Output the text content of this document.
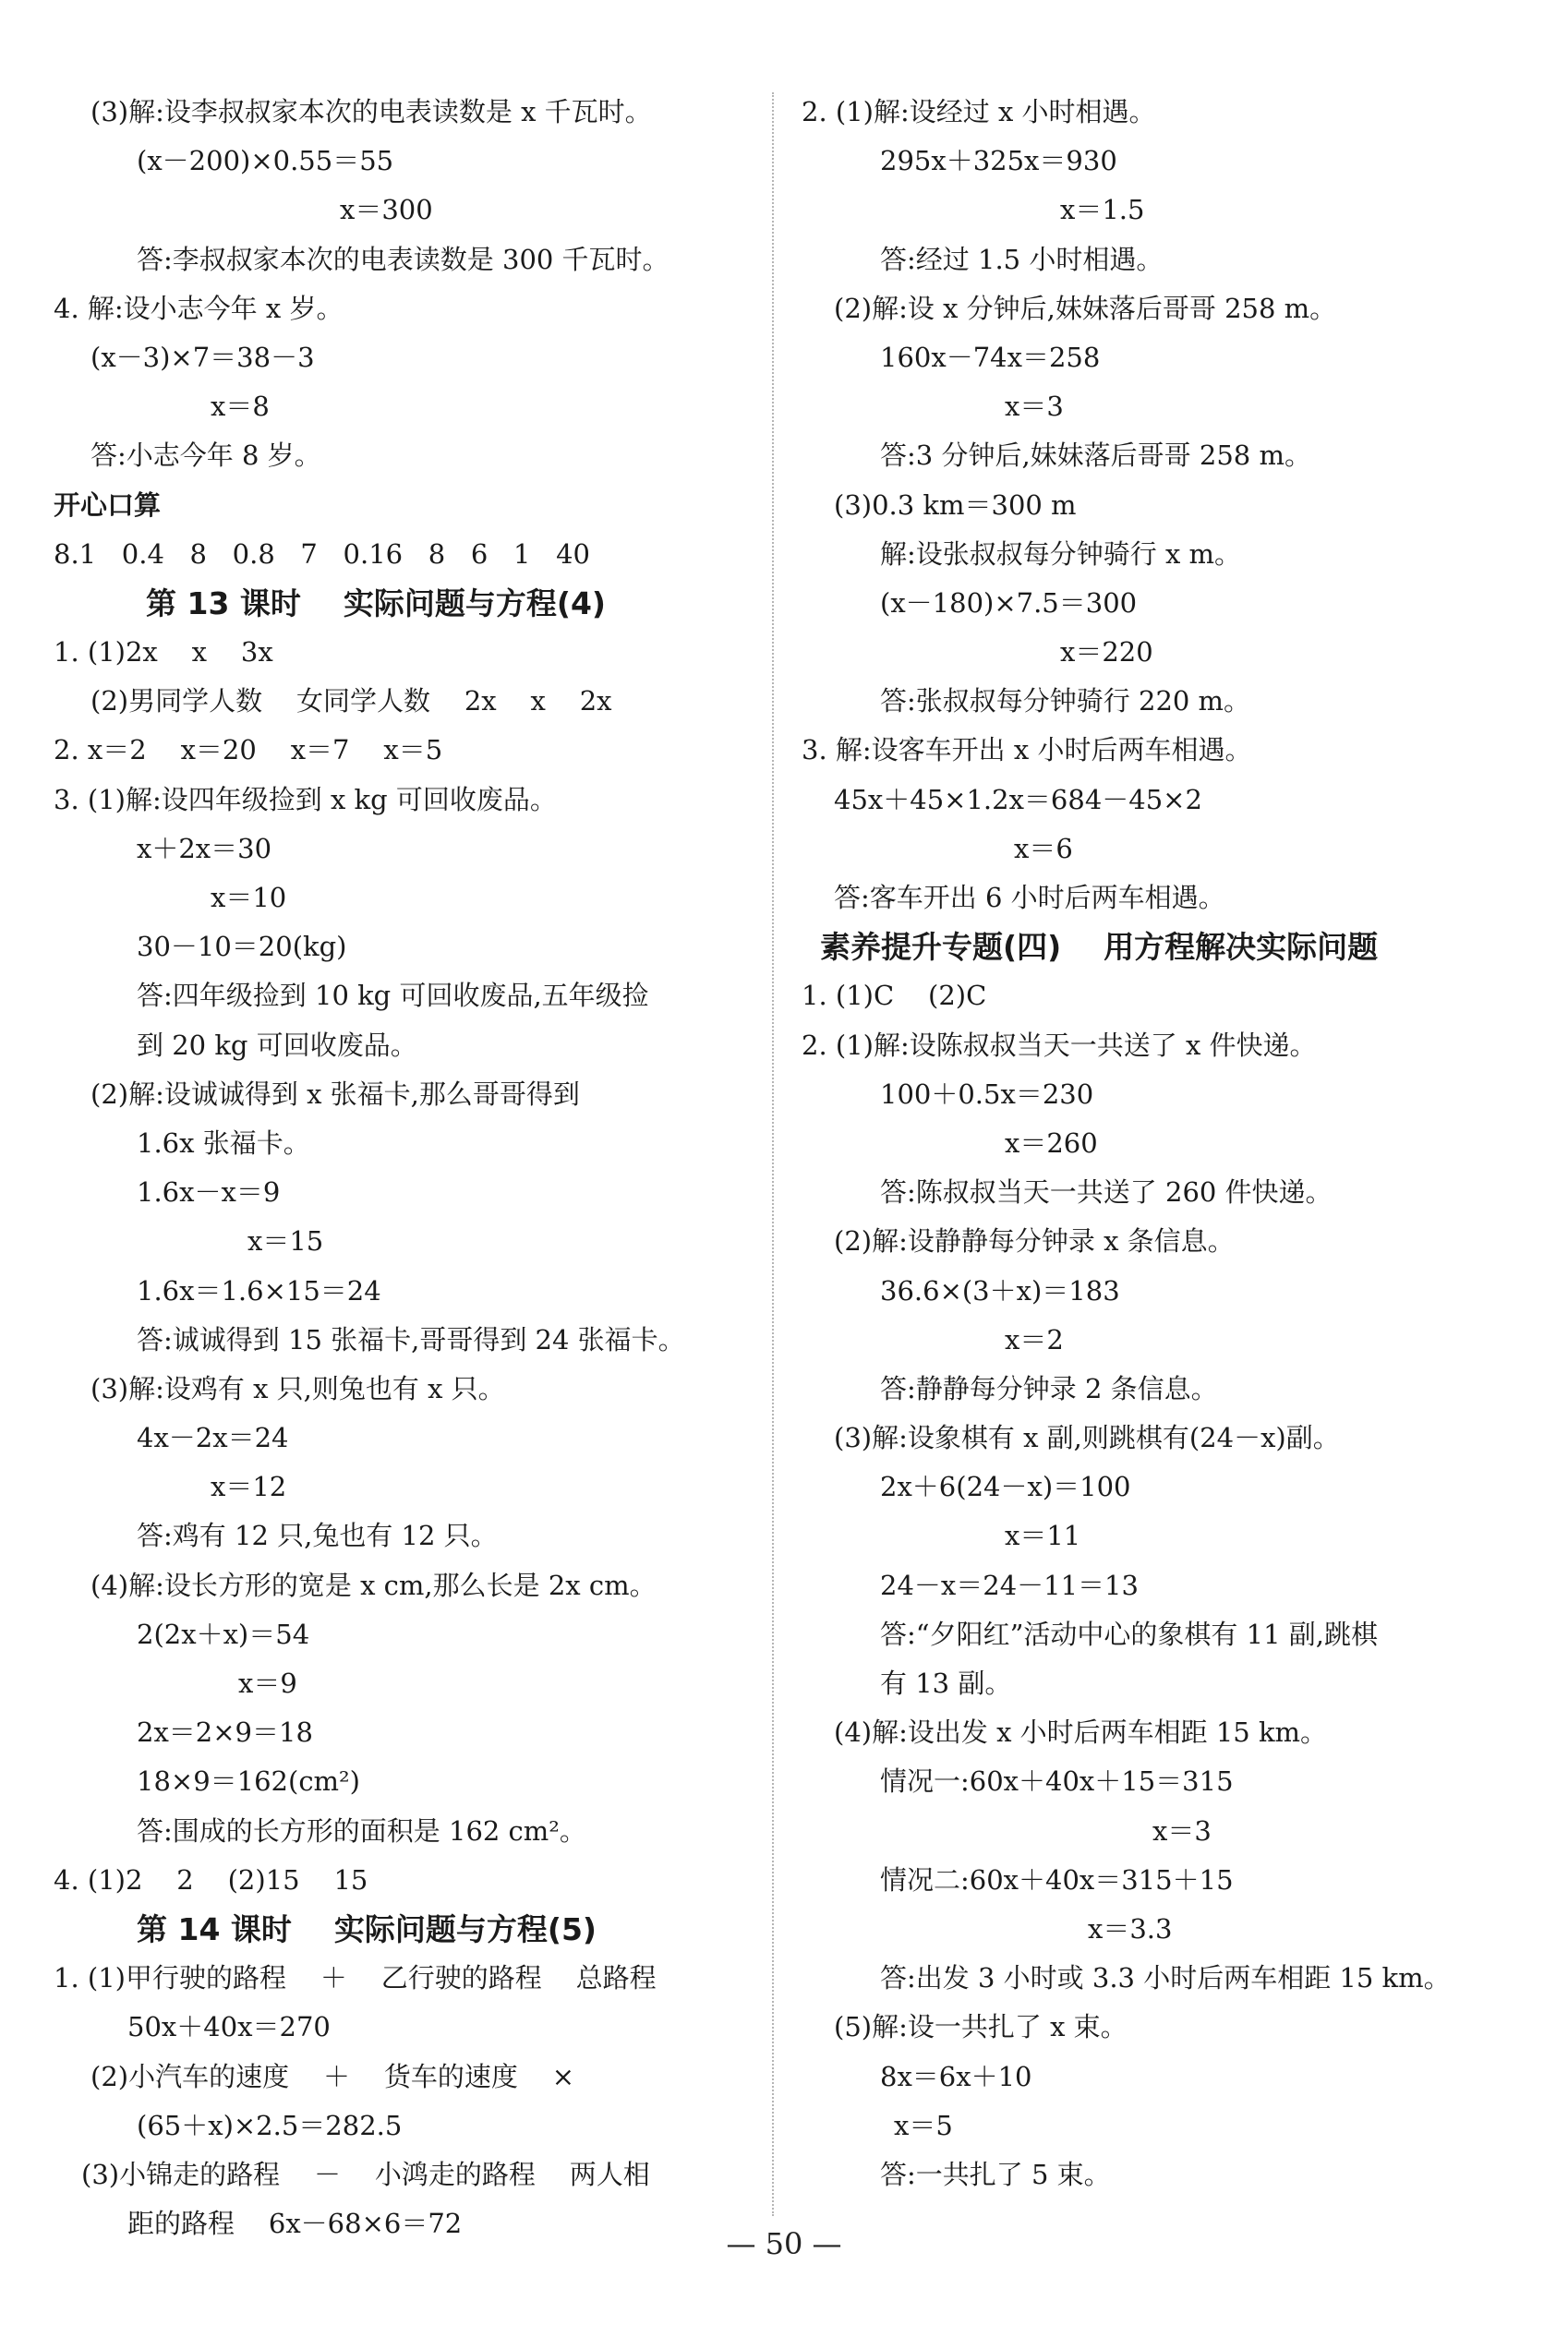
(3)解:设李叔叔家本次的电表读数是 x 千瓦时。
(x－200)×0.55＝55
x＝300
答:李叔叔家本次的电表读数是 300 千瓦时。
4. 解:设小志今年 x 岁。
(x－3)×7＝38－3
x＝8
答:小志今年 8 岁。
开心口算
8.1   0.4   8   0.8   7   0.16   8   6   1   40
第 13 课时    实际问题与方程(4)
1. (1)2x    x    3x
(2)男同学人数    女同学人数    2x    x    2x
2. x＝2    x＝20    x＝7    x＝5
3. (1)解:设四年级捡到 x kg 可回收废品。
x＋2x＝30
x＝10
30－10＝20(kg)
答:四年级捡到 10 kg 可回收废品,五年级捡
到 20 kg 可回收废品。
(2)解:设诚诚得到 x 张福卡,那么哥哥得到
1.6x 张福卡。
1.6x－x＝9
x＝15
1.6x＝1.6×15＝24
答:诚诚得到 15 张福卡,哥哥得到 24 张福卡。
(3)解:设鸡有 x 只,则兔也有 x 只。
4x－2x＝24
x＝12
答:鸡有 12 只,兔也有 12 只。
(4)解:设长方形的宽是 x cm,那么长是 2x cm。
2(2x＋x)＝54
x＝9
2x＝2×9＝18
18×9＝162(cm²)
答:围成的长方形的面积是 162 cm²。
4. (1)2    2    (2)15    15
第 14 课时    实际问题与方程(5)
1. (1)甲行驶的路程    ＋    乙行驶的路程    总路程
50x＋40x＝270
(2)小汽车的速度    ＋    货车的速度    ×
(65＋x)×2.5＝282.5
(3)小锦走的路程    －    小鸿走的路程    两人相
距的路程    6x－68×6＝72
2. (1)解:设经过 x 小时相遇。
295x＋325x＝930
x＝1.5
答:经过 1.5 小时相遇。
(2)解:设 x 分钟后,妹妹落后哥哥 258 m。
160x－74x＝258
x＝3
答:3 分钟后,妹妹落后哥哥 258 m。
(3)0.3 km＝300 m
解:设张叔叔每分钟骑行 x m。
(x－180)×7.5＝300
x＝220
答:张叔叔每分钟骑行 220 m。
3. 解:设客车开出 x 小时后两车相遇。
45x＋45×1.2x＝684－45×2
x＝6
答:客车开出 6 小时后两车相遇。
素养提升专题(四)    用方程解决实际问题
1. (1)C    (2)C
2. (1)解:设陈叔叔当天一共送了 x 件快递。
100＋0.5x＝230
x＝260
答:陈叔叔当天一共送了 260 件快递。
(2)解:设静静每分钟录 x 条信息。
36.6×(3＋x)＝183
x＝2
答:静静每分钟录 2 条信息。
(3)解:设象棋有 x 副,则跳棋有(24－x)副。
2x＋6(24－x)＝100
x＝11
24－x＝24－11＝13
答:“夕阳红”活动中心的象棋有 11 副,跳棋
有 13 副。
(4)解:设出发 x 小时后两车相距 15 km。
情况一:60x＋40x＋15＝315
x＝3
情况二:60x＋40x＝315＋15
x＝3.3
答:出发 3 小时或 3.3 小时后两车相距 15 km。
(5)解:设一共扎了 x 束。
8x＝6x＋10
x＝5
答:一共扎了 5 束。
— 50 —
